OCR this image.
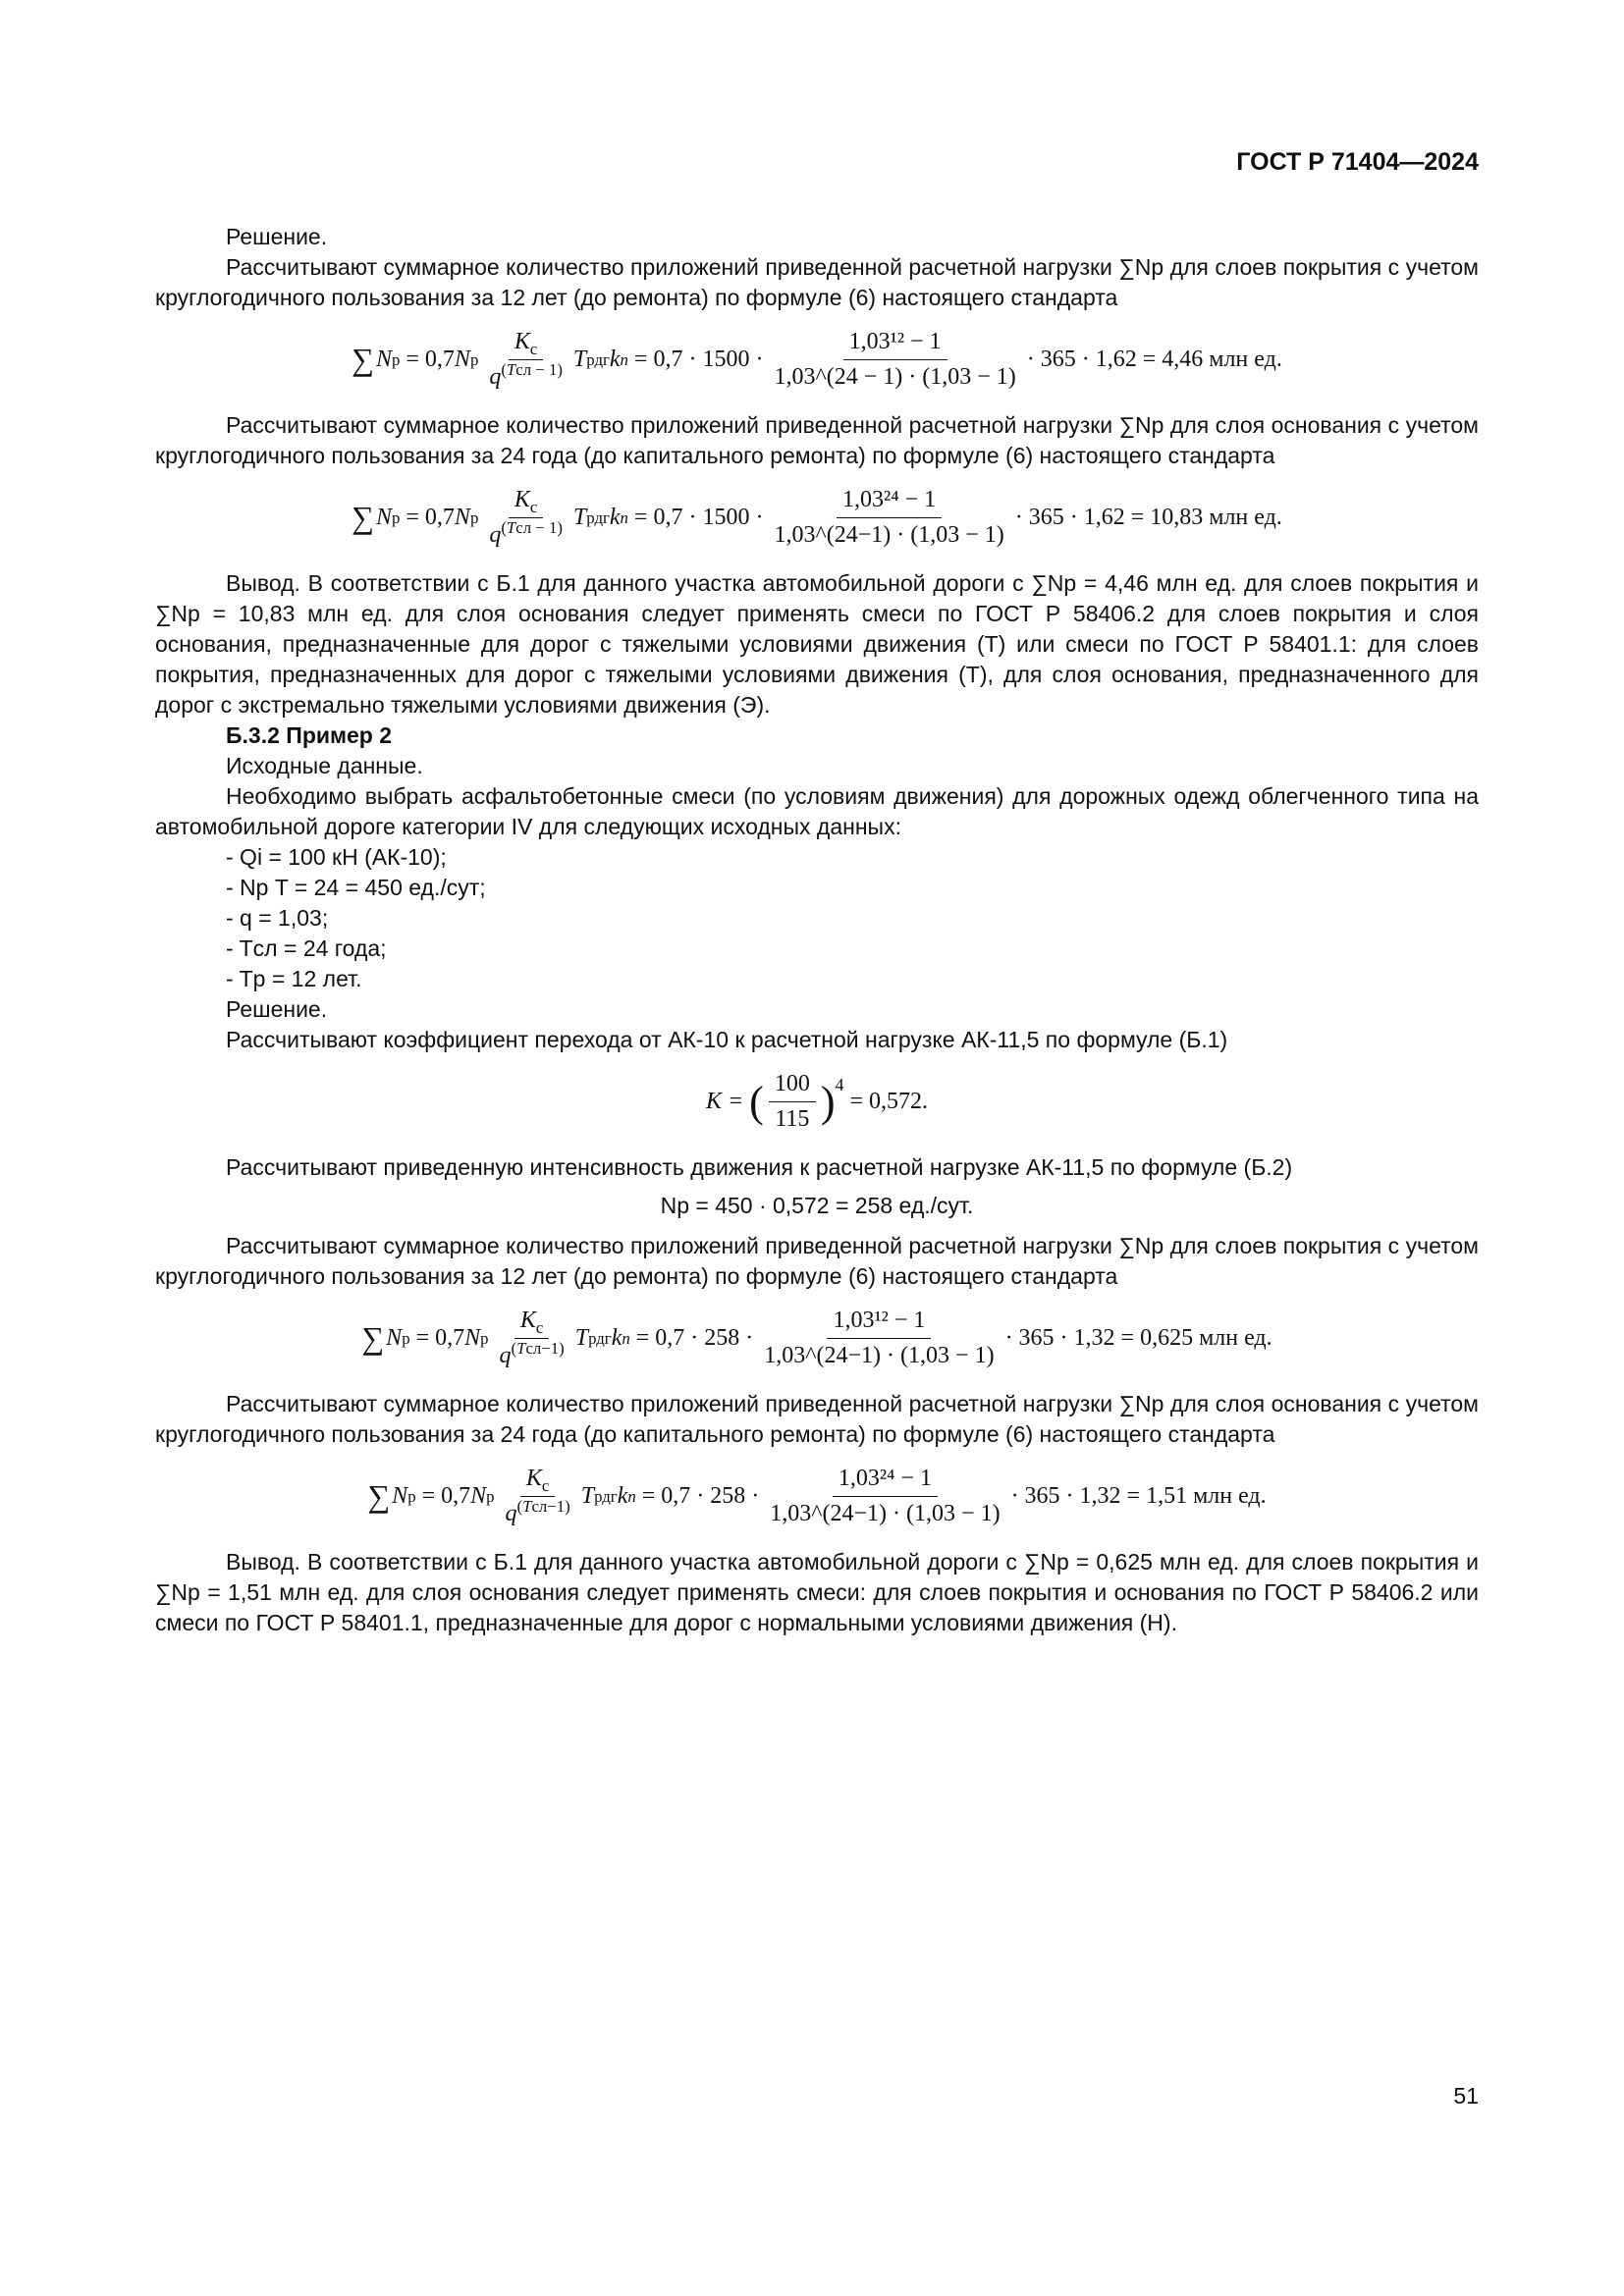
ГОСТ Р 71404—2024

Решение.

Рассчитывают суммарное количество приложений приведенной расчетной нагрузки ∑Nр для слоев покрытия с учетом круглогодичного пользования за 12 лет (до ремонта) по формуле (6) настоящего стандарта

∑ N р = 0,7 N р $\frac{K_c}{q^{(Tсл - 1)}}$ T рдг k n
= $0,7 \cdot 1500 \cdot \frac{\text{1,03¹² − 1}}{1,03\^{}(24 - 1) \cdot (1,03 - 1)} \cdot 365 \cdot 1,62 = 4,46$ млн ед.

Рассчитывают суммарное количество приложений приведенной расчетной нагрузки ∑Nр для слоя основания с учетом круглогодичного пользования за 24 года (до капитального ремонта) по формуле (6) настоящего стандарта

∑ N р = 0,7 N р $\frac{K_c}{q^{(Tсл - 1)}}$ T рдг k n
= $0,7 \cdot 1500 \cdot \frac{\text{1,03²⁴ − 1}}{1,03\^{}(24-1) \cdot (1,03 - 1)} \cdot 365 \cdot 1,62 = 10,83$ млн ед.

Вывод. В соответствии с Б.1 для данного участка автомобильной дороги с ∑Nр = 4,46 млн ед. для слоев покрытия и ∑Nр = 10,83 млн ед. для слоя основания следует применять смеси по ГОСТ Р 58406.2 для слоев покрытия и слоя основания, предназначенные для дорог с тяжелыми условиями движения (Т) или смеси по ГОСТ Р 58401.1: для слоев покрытия, предназначенных для дорог с тяжелыми условиями движения (Т), для слоя основания, предназначенного для дорог с экстремально тяжелыми условиями движения (Э).

Б.3.2 Пример 2

Исходные данные.

Необходимо выбрать асфальтобетонные смеси (по условиям движения) для дорожных одежд облегченного типа на автомобильной дороге категории IV для следующих исходных данных:

- Qi = 100 кН (АК-10);

- Nр T = 24 = 450 ед./сут;

- q = 1,03;

- Tсл = 24 года;

- Tр = 12 лет.

Решение.

Рассчитывают коэффициент перехода от АК-10 к расчетной нагрузке АК-11,5 по формуле (Б.1)

K =
( $\frac{100}{115} )^4$

= 0,572.

Рассчитывают приведенную интенсивность движения к расчетной нагрузке АК-11,5 по формуле (Б.2)

Nр = 450 · 0,572 = 258 ед./сут.

Рассчитывают суммарное количество приложений приведенной расчетной нагрузки ∑Nр для слоев покрытия с учетом круглогодичного пользования за 12 лет (до ремонта) по формуле (6) настоящего стандарта

∑ N р = 0,7 N р $\frac{K_c}{q^{(Tсл-1)}}$ T рдг k n
= $0,7 \cdot 258 \cdot \frac{\text{1,03¹² − 1}}{1,03\^{}(24-1) \cdot (1,03 - 1)} \cdot 365 \cdot 1,32 = 0,625$ млн ед.

Рассчитывают суммарное количество приложений приведенной расчетной нагрузки ∑Nр для слоя основания с учетом круглогодичного пользования за 24 года (до капитального ремонта) по формуле (6) настоящего стандарта

∑ N р = 0,7 N р $\frac{K_c}{q^{(Tсл-1)}}$ T рдг k n
= $0,7 \cdot 258 \cdot \frac{\text{1,03²⁴ − 1}}{1,03\^{}(24-1) \cdot (1,03 - 1)} \cdot 365 \cdot 1,32 = 1,51$ млн ед.

Вывод. В соответствии с Б.1 для данного участка автомобильной дороги с ∑Nр = 0,625 млн ед. для слоев покрытия и ∑Nр = 1,51 млн ед. для слоя основания следует применять смеси: для слоев покрытия и основания по ГОСТ Р 58406.2 или смеси по ГОСТ Р 58401.1, предназначенные для дорог с нормальными условиями движения (Н).

51
